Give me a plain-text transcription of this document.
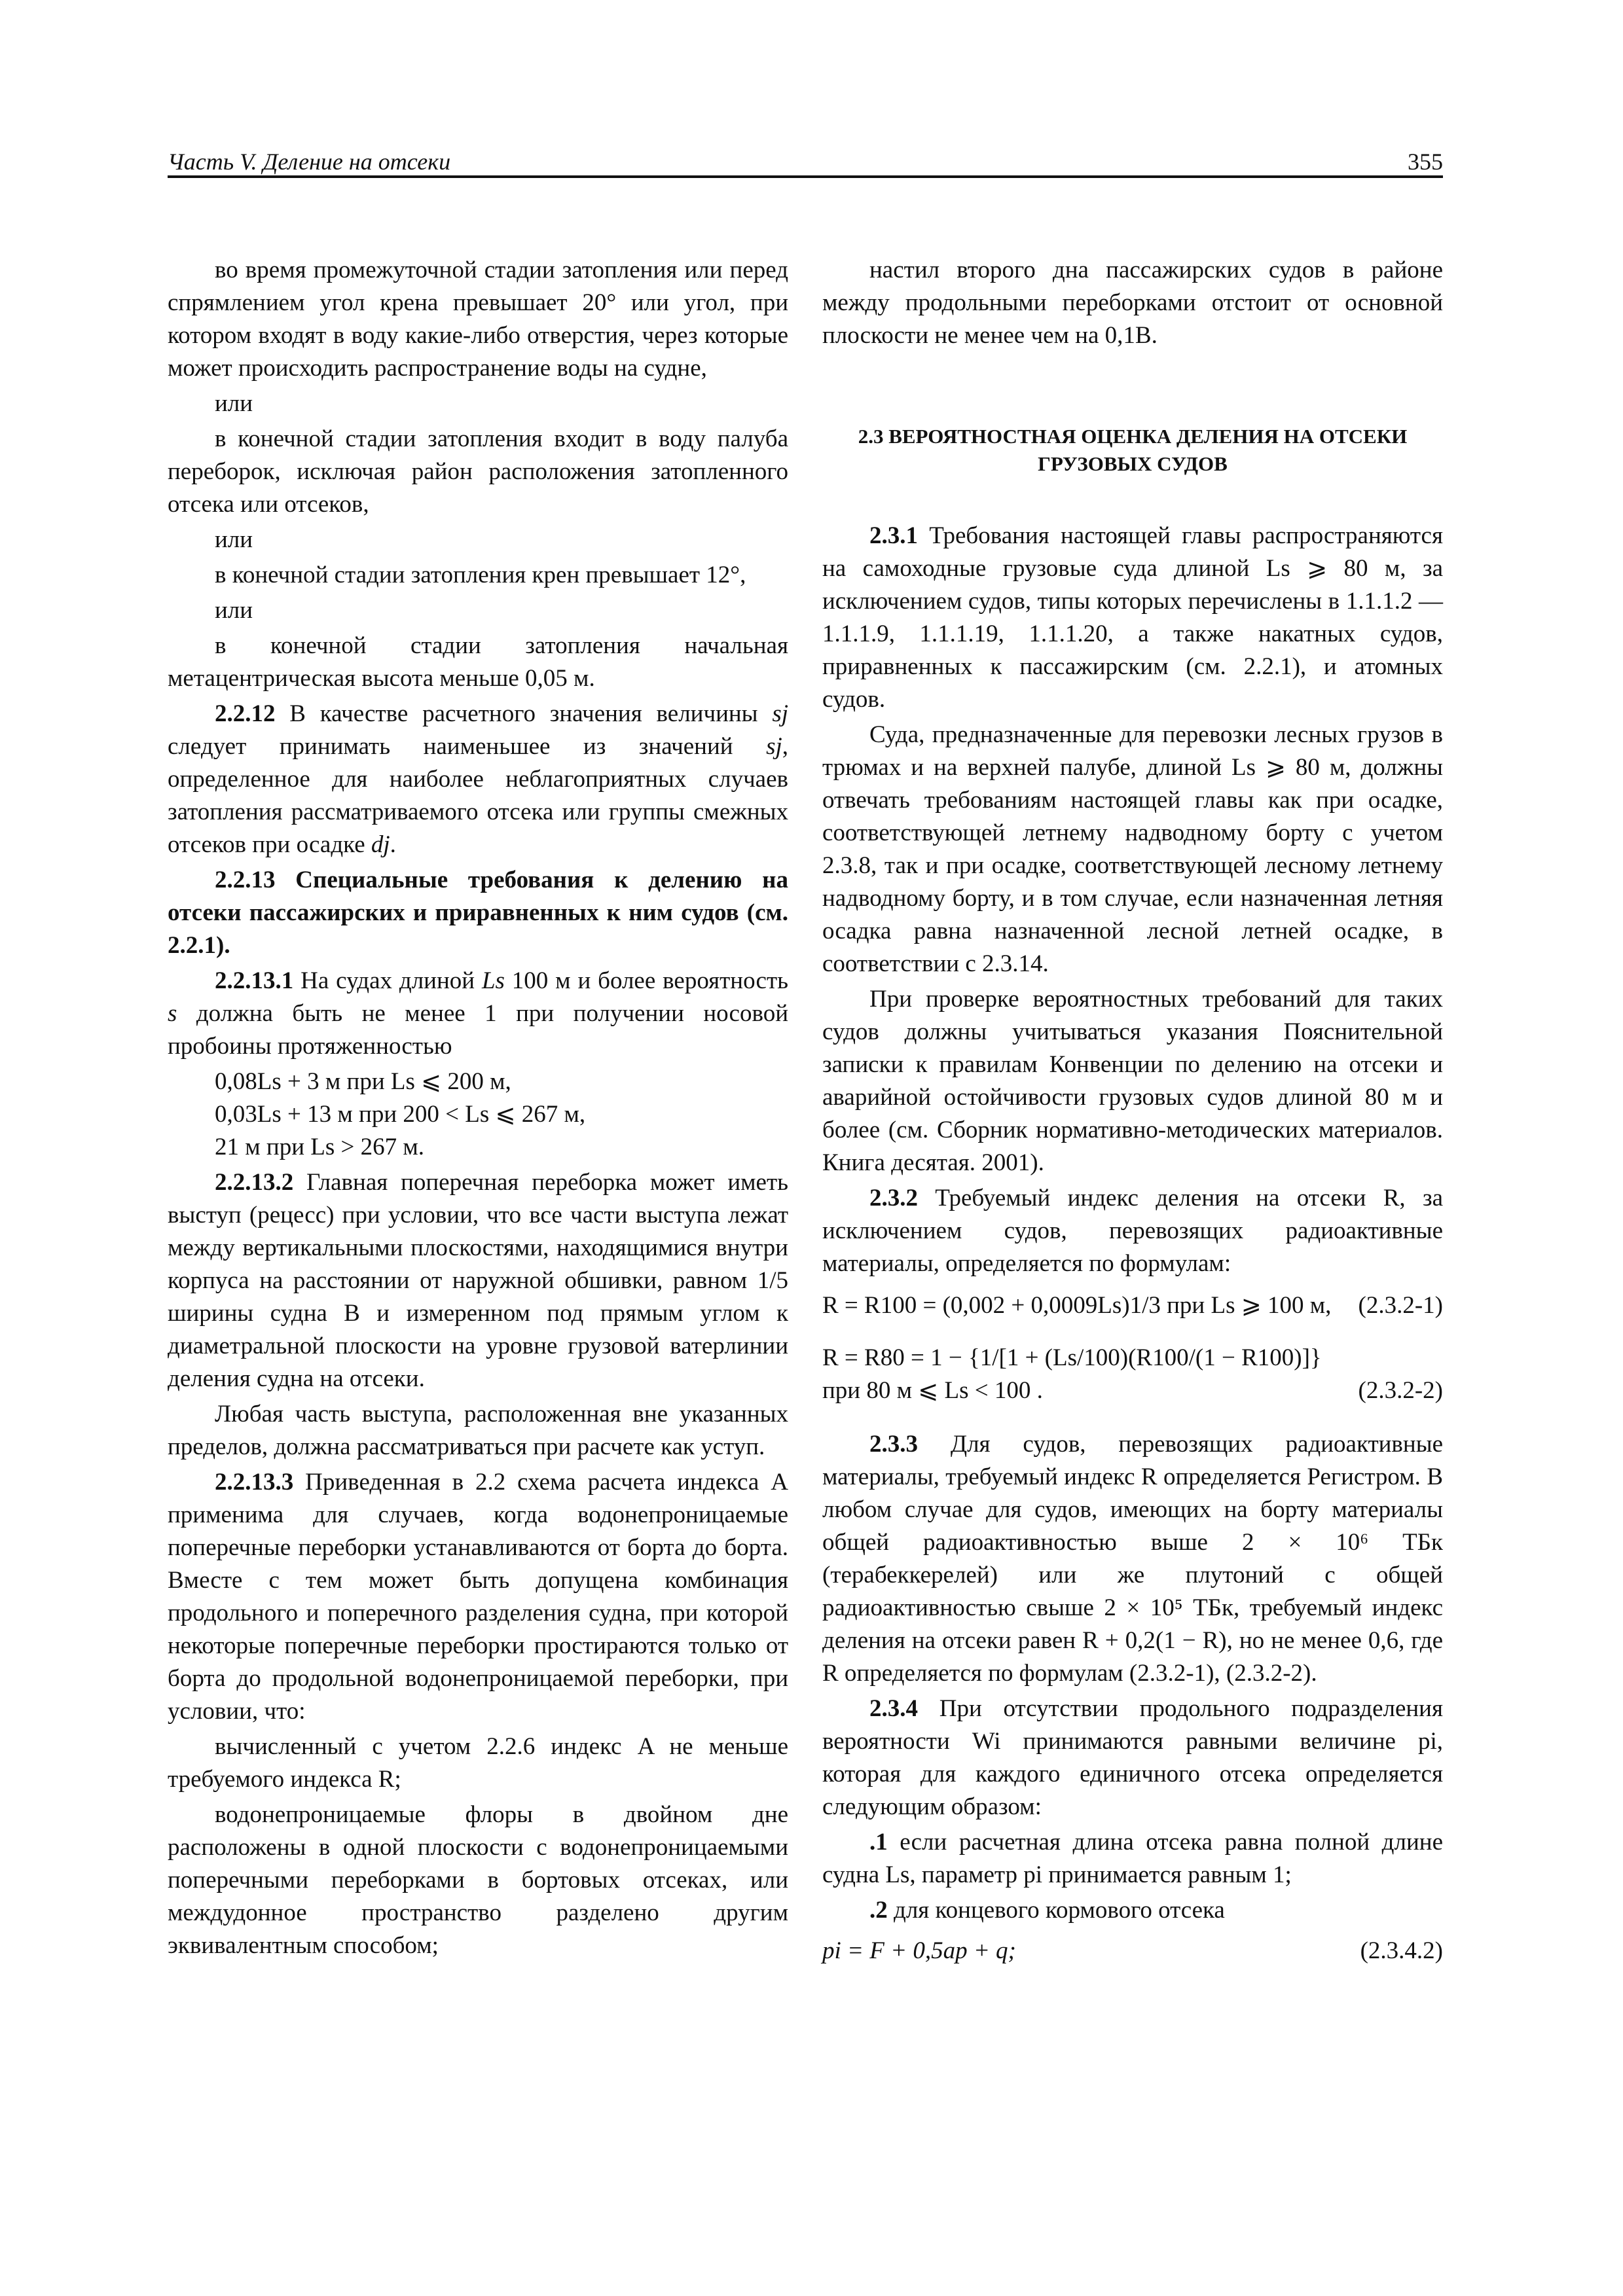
Часть V. Деление на отсеки	355

во время промежуточной стадии затопления или перед спрямлением угол крена превышает 20° или угол, при котором входят в воду какие-либо отверстия, через которые может происходить распространение воды на судне,

или

в конечной стадии затопления входит в воду палуба переборок, исключая район расположения затопленного отсека или отсеков,

или

в конечной стадии затопления крен превышает 12°,

или

в конечной стадии затопления начальная метацентрическая высота меньше 0,05 м.

2.2.12 В качестве расчетного значения величины sj следует принимать наименьшее из значений sj, определенное для наиболее неблагоприятных случаев затопления рассматриваемого отсека или группы смежных отсеков при осадке dj.

2.2.13 Специальные требования к делению на отсеки пассажирских и приравненных к ним судов (см. 2.2.1).

2.2.13.1 На судах длиной Ls 100 м и более вероятность s должна быть не менее 1 при получении носовой пробоины протяженностью

0,08Ls + 3 м при Ls ⩽ 200 м,

0,03Ls + 13 м при 200 < Ls ⩽ 267 м,

21 м при Ls > 267 м.

2.2.13.2 Главная поперечная переборка может иметь выступ (рецесс) при условии, что все части выступа лежат между вертикальными плоскостями, находящимися внутри корпуса на расстоянии от наружной обшивки, равном 1/5 ширины судна B и измеренном под прямым углом к диаметральной плоскости на уровне грузовой ватерлинии деления судна на отсеки.

Любая часть выступа, расположенная вне указанных пределов, должна рассматриваться при расчете как уступ.

2.2.13.3 Приведенная в 2.2 схема расчета индекса A применима для случаев, когда водонепроницаемые поперечные переборки устанавливаются от борта до борта. Вместе с тем может быть допущена комбинация продольного и поперечного разделения судна, при которой некоторые поперечные переборки простираются только от борта до продольной водонепроницаемой переборки, при условии, что:

вычисленный с учетом 2.2.6 индекс A не меньше требуемого индекса R;

водонепроницаемые флоры в двойном дне расположены в одной плоскости с водонепроницаемыми поперечными переборками в бортовых отсеках, или междудонное пространство разделено другим эквивалентным способом;

настил второго дна пассажирских судов в районе между продольными переборками отстоит от основной плоскости не менее чем на 0,1B.

2.3 ВЕРОЯТНОСТНАЯ ОЦЕНКА ДЕЛЕНИЯ НА ОТСЕКИ ГРУЗОВЫХ СУДОВ

2.3.1 Требования настоящей главы распространяются на самоходные грузовые суда длиной Ls ⩾ 80 м, за исключением судов, типы которых перечислены в 1.1.1.2 — 1.1.1.9, 1.1.1.19, 1.1.1.20, а также накатных судов, приравненных к пассажирским (см. 2.2.1), и атомных судов.

Суда, предназначенные для перевозки лесных грузов в трюмах и на верхней палубе, длиной Ls ⩾ 80 м, должны отвечать требованиям настоящей главы как при осадке, соответствующей летнему надводному борту с учетом 2.3.8, так и при осадке, соответствующей лесному летнему надводному борту, и в том случае, если назначенная летняя осадка равна назначенной лесной летней осадке, в соответствии с 2.3.14.

При проверке вероятностных требований для таких судов должны учитываться указания Пояснительной записки к правилам Конвенции по делению на отсеки и аварийной остойчивости грузовых судов длиной 80 м и более (см. Сборник нормативно-методических материалов. Книга десятая. 2001).

2.3.2 Требуемый индекс деления на отсеки R, за исключением судов, перевозящих радиоактивные материалы, определяется по формулам:

R = R100 = (0,002 + 0,0009Ls)1/3 при Ls ⩾ 100 м,	(2.3.2-1)
R = R80 = 1 − {1/[1 + (Ls/100)(R100/(1 − R100)]}
при 80 м ⩽ Ls < 100 .	(2.3.2-2)

2.3.3 Для судов, перевозящих радиоактивные материалы, требуемый индекс R определяется Регистром. В любом случае для судов, имеющих на борту материалы общей радиоактивностью выше 2 × 10⁶ ТБк (терабеккерелей) или же плутоний с общей радиоактивностью свыше 2 × 10⁵ ТБк, требуемый индекс деления на отсеки равен R + 0,2(1 − R), но не менее 0,6, где R определяется по формулам (2.3.2-1), (2.3.2-2).

2.3.4 При отсутствии продольного подразделения вероятности Wi принимаются равными величине pi, которая для каждого единичного отсека определяется следующим образом:

.1 если расчетная длина отсека равна полной длине судна Ls, параметр pi принимается равным 1;

.2 для концевого кормового отсека

pi = F + 0,5ap + q;	(2.3.4.2)
